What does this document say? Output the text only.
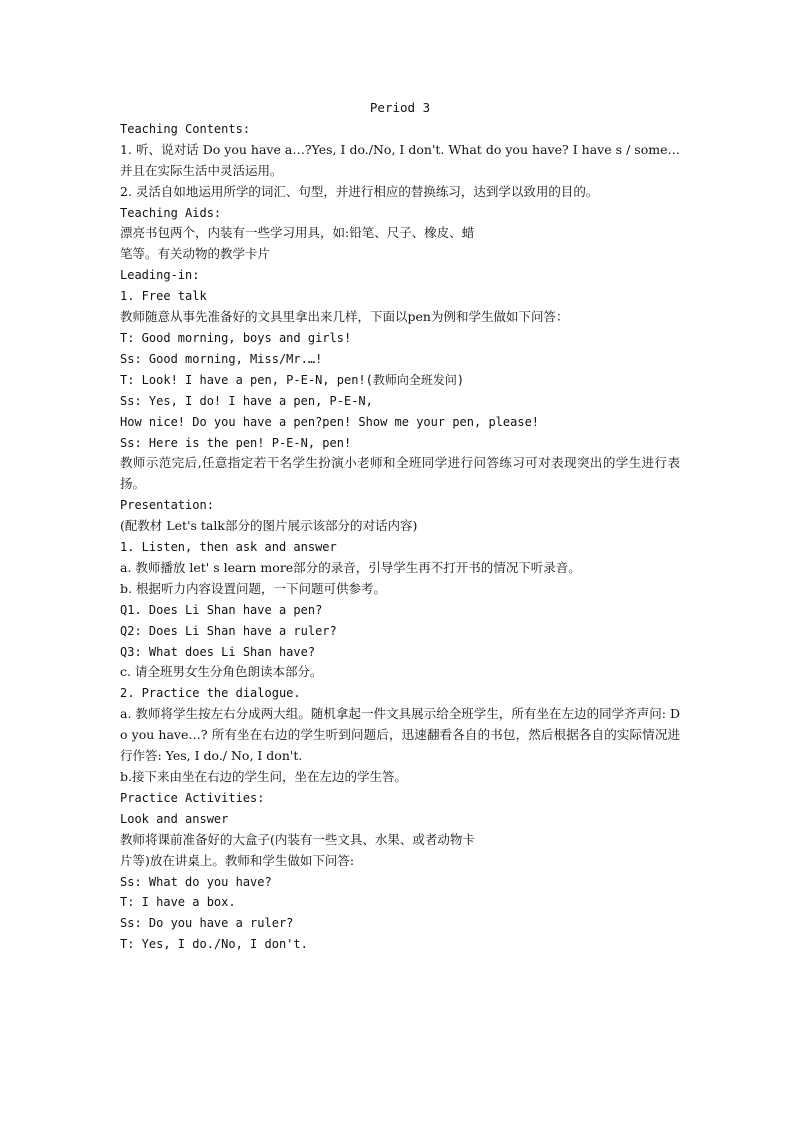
Period 3
Teaching Contents:
1. 听、说对话 Do you have a…?Yes, I do./No, I don't. What do you have? I have s / some…并且在实际生活中灵活运用。
2. 灵活自如地运用所学的词汇、句型，并进行相应的替换练习，达到学以致用的目的。
Teaching Aids:
漂亮书包两个，内装有一些学习用具，如:铅笔、尺子、橡皮、蜡
笔等。有关动物的教学卡片
Leading-in:
1. Free talk
教师随意从事先准备好的文具里拿出来几样，下面以pen为例和学生做如下问答：
T: Good morning, boys and girls!
Ss: Good morning, Miss/Mr.…!
T: Look! I have a pen, P-E-N, pen!(教师向全班发问)
Ss: Yes, I do! I have a pen, P-E-N,
How nice! Do you have a pen?pen! Show me your pen, please!
Ss: Here is the pen! P-E-N, pen!
教师示范完后,任意指定若干名学生扮演小老师和全班同学进行问答练习可对表现突出的学生进行表扬。
Presentation:
(配教材 Let's talk部分的图片展示该部分的对话内容)
1. Listen, then ask and answer
a. 教师播放 let' s learn more部分的录音，引导学生再不打开书的情况下听录音。
b. 根据听力内容设置问题，一下问题可供参考。
Q1. Does Li Shan have a pen?
Q2: Does Li Shan have a ruler?
Q3: What does Li Shan have?
c. 请全班男女生分角色朗读本部分。
2. Practice the dialogue.
a. 教师将学生按左右分成两大组。随机拿起一件文具展示给全班学生，所有坐在左边的同学齐声问: Do you have…? 所有坐在右边的学生听到问题后，迅速翻看各自的书包，然后根据各自的实际情况进行作答: Yes, I do./ No, I don't.
b.接下来由坐在右边的学生问，坐在左边的学生答。
Practice Activities:
Look and answer
教师将课前准备好的大盒子(内装有一些文具、水果、或者动物卡
片等)放在讲桌上。教师和学生做如下问答:
Ss: What do you have?
T: I have a box.
Ss: Do you have a ruler?
T: Yes, I do./No, I don't.
